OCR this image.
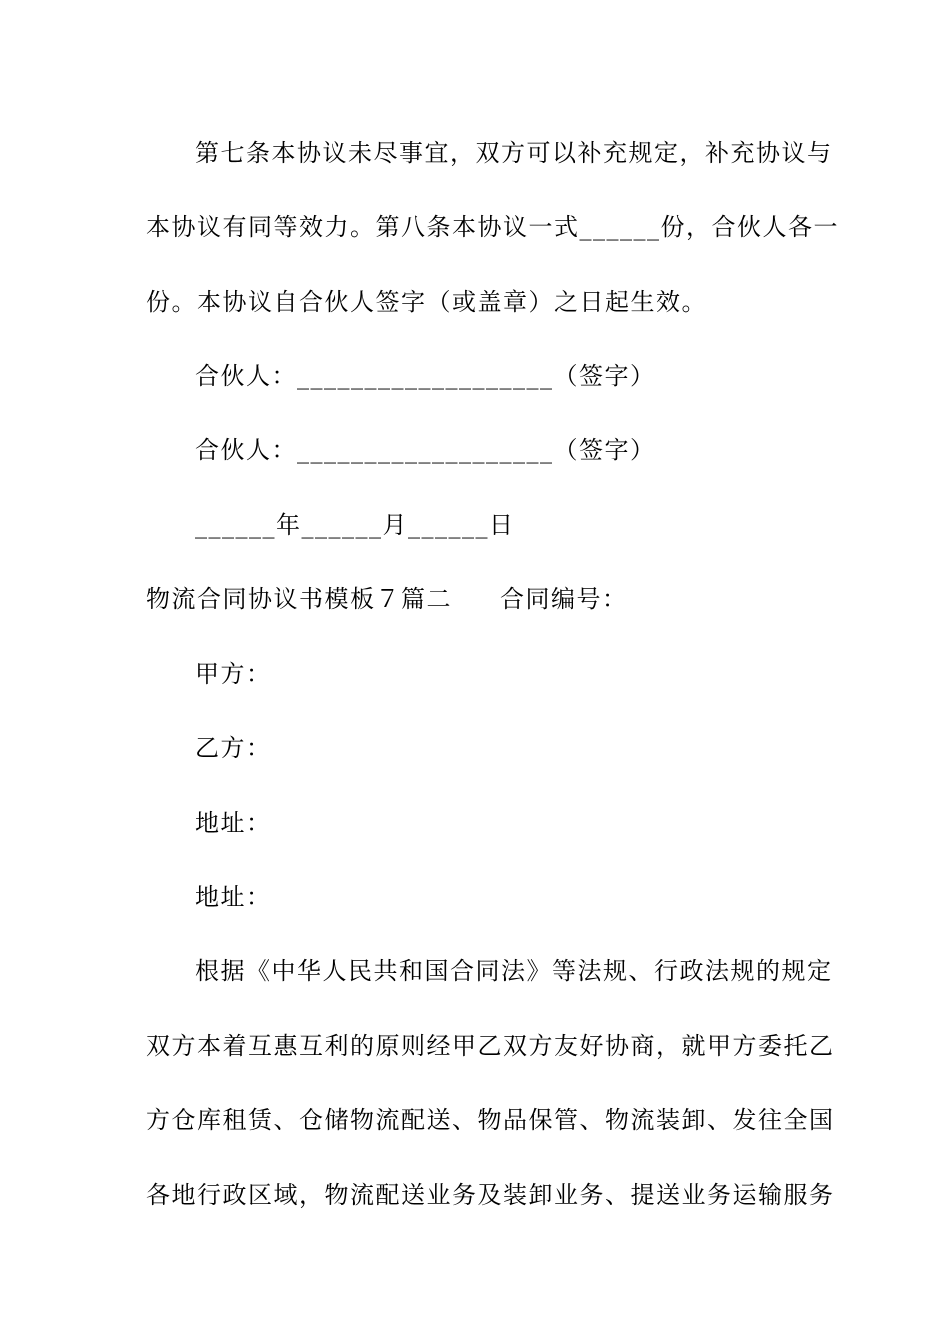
第七条本协议未尽事宜，双方可以补充规定，补充协议与
本协议有同等效力。第八条本协议一式______份，合伙人各一
份。本协议自合伙人签字（或盖章）之日起生效。
合伙人：___________________（签字）
合伙人：___________________（签字）
______年______月______日
物流合同协议书模板７篇二 合同编号：
甲方：
乙方：
地址：
地址：
根据《中华人民共和国合同法》等法规、行政法规的规定
双方本着互惠互利的原则经甲乙双方友好协商，就甲方委托乙
方仓库租赁、仓储物流配送、物品保管、物流装卸、发往全国
各地行政区域，物流配送业务及装卸业务、提送业务运输服务
